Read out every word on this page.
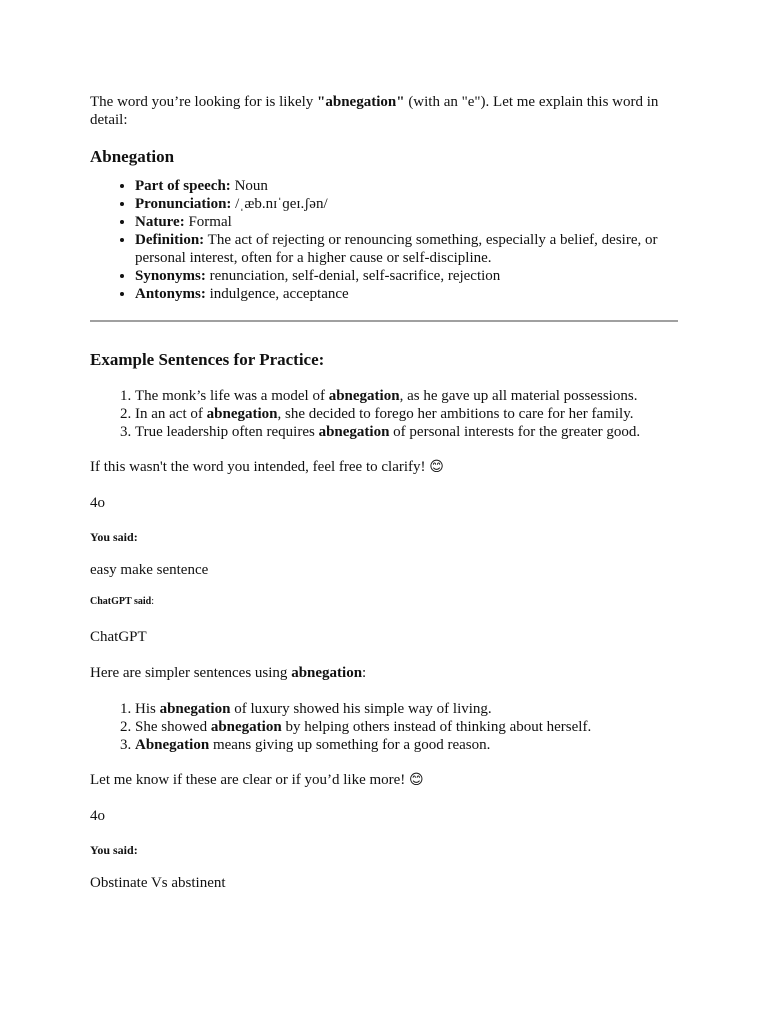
The word you’re looking for is likely "abnegation" (with an "e"). Let me explain this word in detail:

Abnegation
• Part of speech: Noun
• Pronunciation: /ˌæb.nɪˈɡeɪ.ʃən/
• Nature: Formal
• Definition: The act of rejecting or renouncing something, especially a belief, desire, or personal interest, often for a higher cause or self-discipline.
• Synonyms: renunciation, self-denial, self-sacrifice, rejection
• Antonyms: indulgence, acceptance
Example Sentences for Practice:
1. The monk’s life was a model of abnegation, as he gave up all material possessions.
2. In an act of abnegation, she decided to forego her ambitions to care for her family.
3. True leadership often requires abnegation of personal interests for the greater good.

If this wasn't the word you intended, feel free to clarify! 😊

4o

You said:

easy make sentence

ChatGPT said:

ChatGPT

Here are simpler sentences using abnegation:

1. His abnegation of luxury showed his simple way of living.
2. She showed abnegation by helping others instead of thinking about herself.
3. Abnegation means giving up something for a good reason.

Let me know if these are clear or if you’d like more! 😊

4o

You said:

Obstinate Vs abstinent
